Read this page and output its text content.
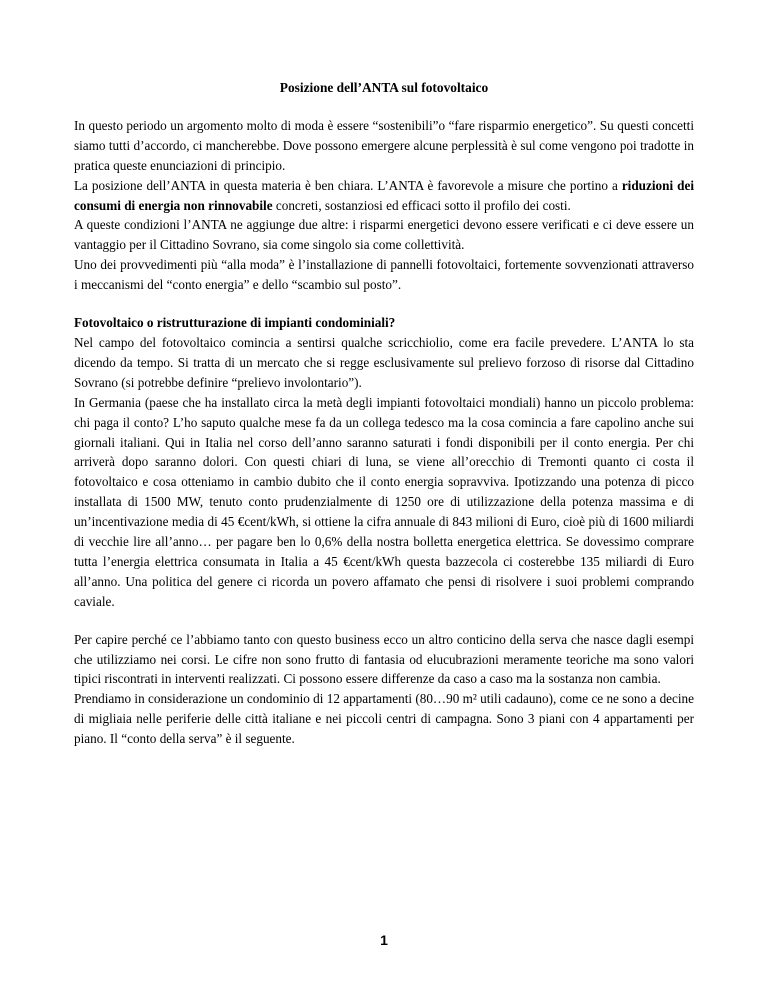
Posizione dell’ANTA sul fotovoltaico

In questo periodo un argomento molto di moda è essere “sostenibili”o “fare risparmio energetico”. Su questi concetti siamo tutti d’accordo, ci mancherebbe. Dove possono emergere alcune perplessità è sul come vengono poi tradotte in pratica queste enunciazioni di principio.

La posizione dell’ANTA in questa materia è ben chiara. L’ANTA è favorevole a misure che portino a riduzioni dei consumi di energia non rinnovabile concreti, sostanziosi ed efficaci sotto il profilo dei costi.

A queste condizioni l’ANTA ne aggiunge due altre: i risparmi energetici devono essere verificati e ci deve essere un vantaggio per il Cittadino Sovrano, sia come singolo sia come collettività.

Uno dei provvedimenti più “alla moda” è l’installazione di pannelli fotovoltaici, fortemente sovvenzionati attraverso i meccanismi del “conto energia” e dello “scambio sul posto”.

Fotovoltaico o ristrutturazione di impianti condominiali?

Nel campo del fotovoltaico comincia a sentirsi qualche scricchiolio, come era facile prevedere. L’ANTA lo sta dicendo da tempo. Si tratta di un mercato che si regge esclusivamente sul prelievo forzoso di risorse dal Cittadino Sovrano (si potrebbe definire “prelievo involontario”).

In Germania (paese che ha installato circa la metà degli impianti fotovoltaici mondiali) hanno un piccolo problema: chi paga il conto? L’ho saputo qualche mese fa da un collega tedesco ma la cosa comincia a fare capolino anche sui giornali italiani. Qui in Italia nel corso dell’anno saranno saturati i fondi disponibili per il conto energia. Per chi arriverà dopo saranno dolori. Con questi chiari di luna, se viene all’orecchio di Tremonti quanto ci costa il fotovoltaico e cosa otteniamo in cambio dubito che il conto energia sopravviva. Ipotizzando una potenza di picco installata di 1500 MW, tenuto conto prudenzialmente di 1250 ore di utilizzazione della potenza massima e di un’incentivazione media di 45 €cent/kWh, si ottiene la cifra annuale di 843 milioni di Euro, cioè più di 1600 miliardi di vecchie lire all’anno… per pagare ben lo 0,6% della nostra bolletta energetica elettrica. Se dovessimo comprare tutta l’energia elettrica consumata in Italia a 45 €cent/kWh questa bazzecola ci costerebbe 135 miliardi di Euro all’anno. Una politica del genere ci ricorda un povero affamato che pensi di risolvere i suoi problemi comprando caviale.

Per capire perché ce l’abbiamo tanto con questo business ecco un altro conticino della serva che nasce dagli esempi che utilizziamo nei corsi. Le cifre non sono frutto di fantasia od elucubrazioni meramente teoriche ma sono valori tipici riscontrati in interventi realizzati. Ci possono essere differenze da caso a caso ma la sostanza non cambia.

Prendiamo in considerazione un condominio di 12 appartamenti (80…90 m² utili cadauno), come ce ne sono a decine di migliaia nelle periferie delle città italiane e nei piccoli centri di campagna. Sono 3 piani con 4 appartamenti per piano. Il “conto della serva” è il seguente.

1
